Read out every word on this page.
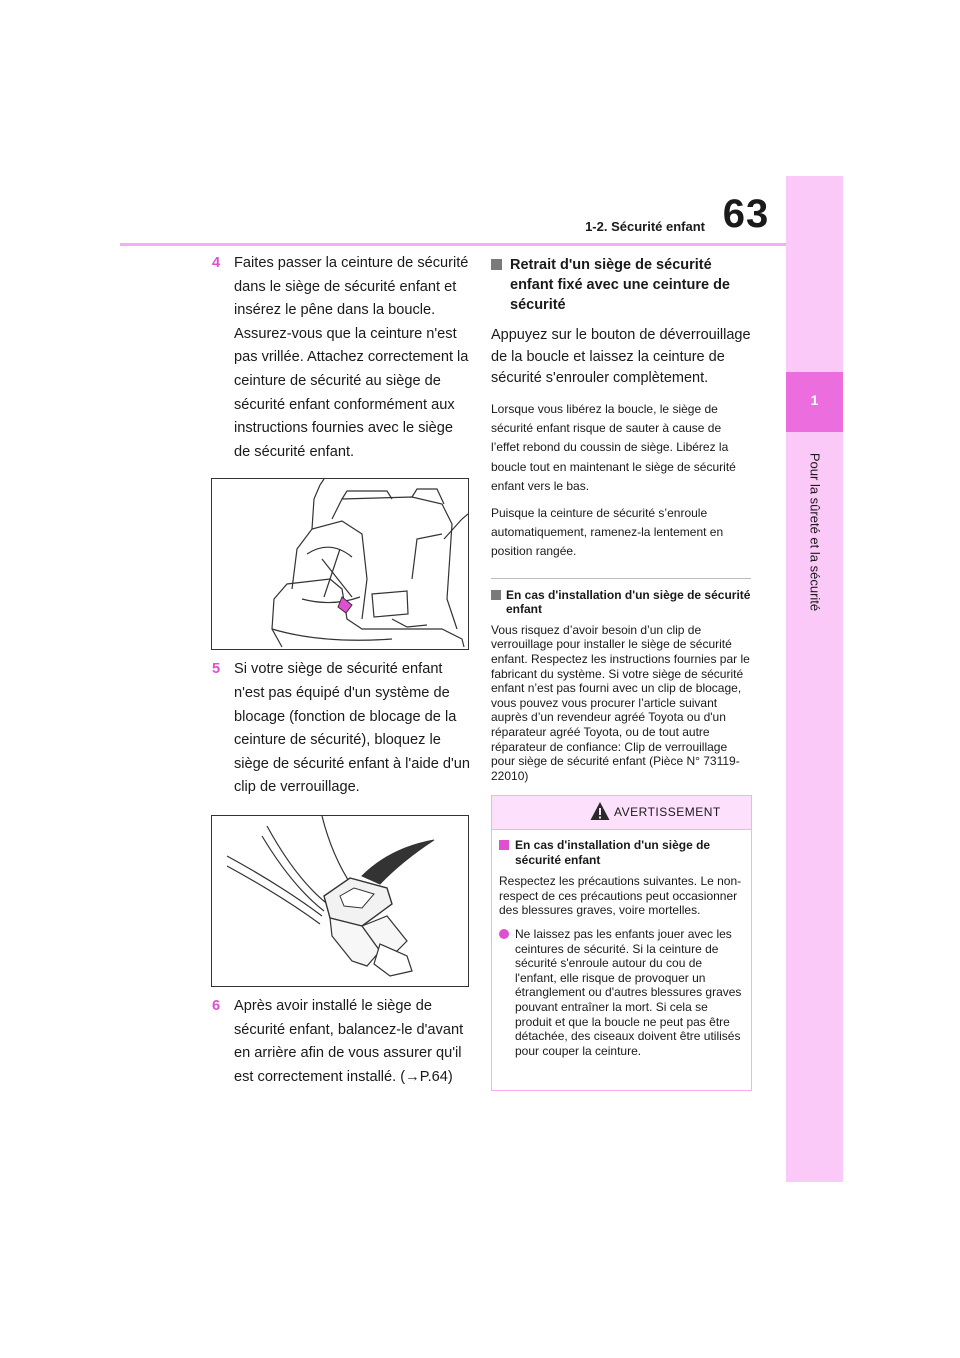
63
1-2. Sécurité enfant
1
Pour la sûreté et la sécurité
4 Faites passer la ceinture de sécurité dans le siège de sécurité enfant et insérez le pêne dans la boucle. Assurez-vous que la ceinture n'est pas vrillée. Attachez correctement la ceinture de sécurité au siège de sécurité enfant conformément aux instructions fournies avec le siège de sécurité enfant.
5 Si votre siège de sécurité enfant n'est pas équipé d'un système de blocage (fonction de blocage de la ceinture de sécurité), bloquez le siège de sécurité enfant à l'aide d'un clip de verrouillage.
6 Après avoir installé le siège de sécurité enfant, balancez-le d'avant en arrière afin de vous assurer qu'il est correctement installé. (→P.64)
Retrait d'un siège de sécurité enfant fixé avec une ceinture de sécurité
Appuyez sur le bouton de déverrouillage de la boucle et laissez la ceinture de sécurité s'enrouler complètement.
Lorsque vous libérez la boucle, le siège de sécurité enfant risque de sauter à cause de l’effet rebond du coussin de siège. Libérez la boucle tout en maintenant le siège de sécurité enfant vers le bas.
Puisque la ceinture de sécurité s’enroule automatiquement, ramenez-la lentement en position rangée.
En cas d'installation d'un siège de sécurité enfant
Vous risquez d’avoir besoin d’un clip de verrouillage pour installer le siège de sécurité enfant. Respectez les instructions fournies par le fabricant du système. Si votre siège de sécurité enfant n’est pas fourni avec un clip de blocage, vous pouvez vous procurer l’article suivant auprès d’un revendeur agréé Toyota ou d'un réparateur agréé Toyota, ou de tout autre réparateur de confiance: Clip de verrouillage pour siège de sécurité enfant (Pièce N° 73119-22010)
AVERTISSEMENT
En cas d'installation d'un siège de sécurité enfant
Respectez les précautions suivantes. Le non-respect de ces précautions peut occasionner des blessures graves, voire mortelles.
Ne laissez pas les enfants jouer avec les ceintures de sécurité. Si la ceinture de sécurité s'enroule autour du cou de l'enfant, elle risque de provoquer un étranglement ou d'autres blessures graves pouvant entraîner la mort. Si cela se produit et que la boucle ne peut pas être détachée, des ciseaux doivent être utilisés pour couper la ceinture.
